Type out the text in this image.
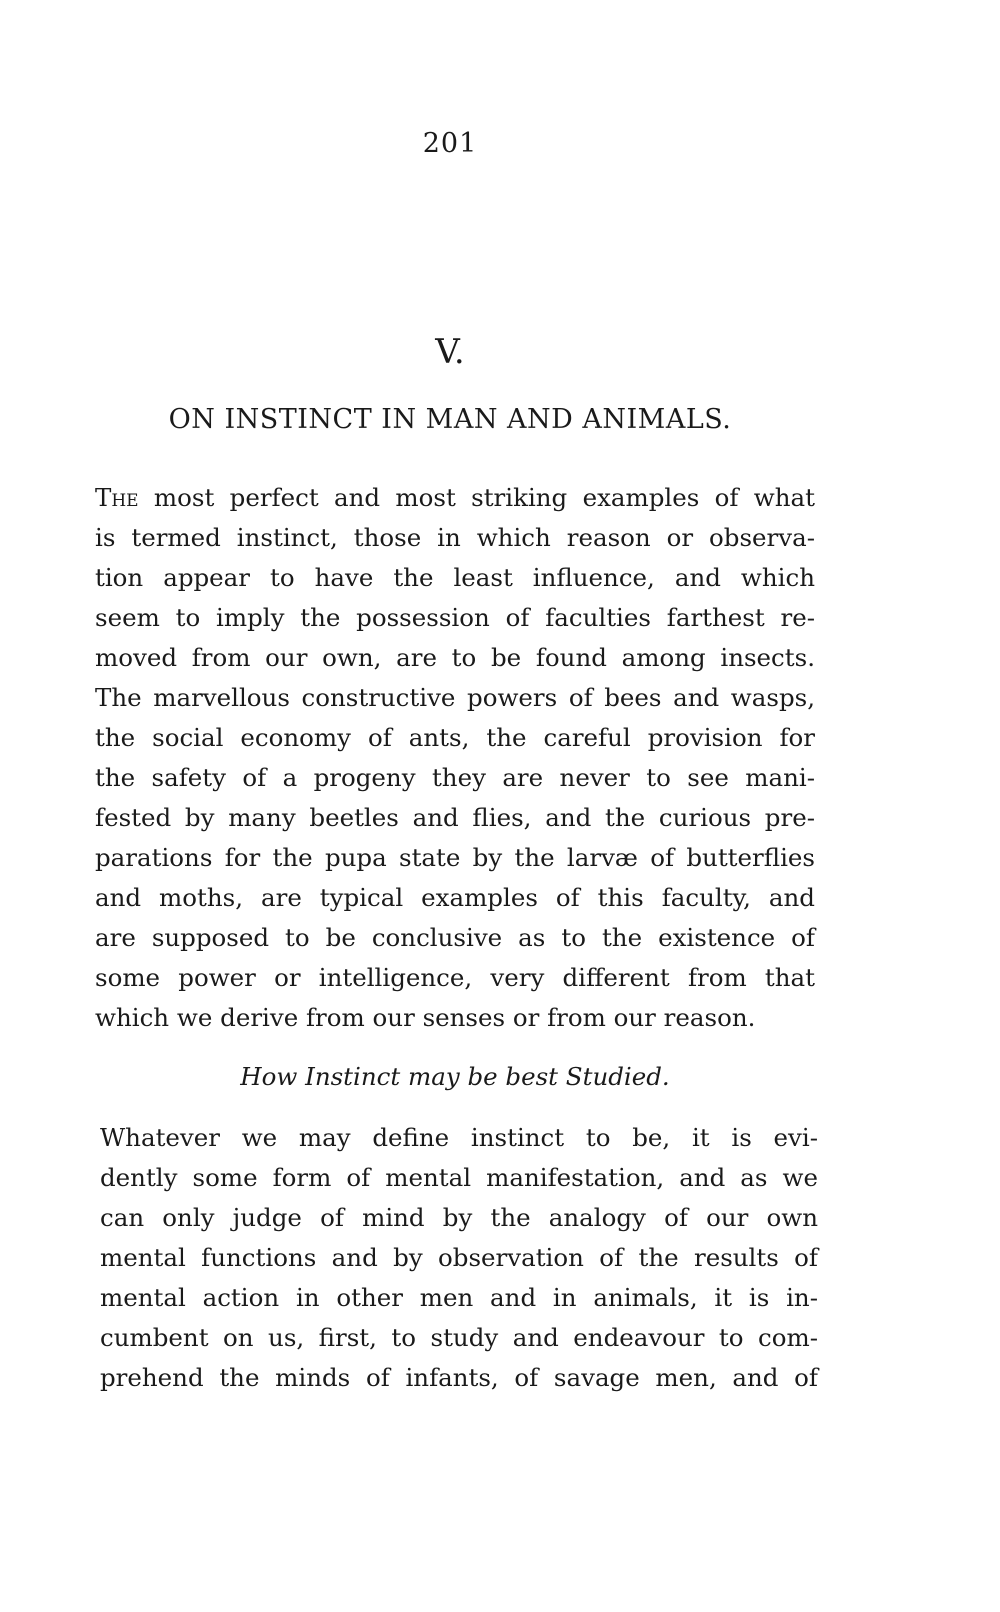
201
V.
ON INSTINCT IN MAN AND ANIMALS.
The most perfect and most striking examples of what
is termed instinct, those in which reason or observa-
tion appear to have the least influence, and which
seem to imply the possession of faculties farthest re-
moved from our own, are to be found among insects.
The marvellous constructive powers of bees and wasps,
the social economy of ants, the careful provision for
the safety of a progeny they are never to see mani-
fested by many beetles and flies, and the curious pre-
parations for the pupa state by the larvæ of butterflies
and moths, are typical examples of this faculty, and
are supposed to be conclusive as to the existence of
some power or intelligence, very different from that
which we derive from our senses or from our reason.
How Instinct may be best Studied.
Whatever we may define instinct to be, it is evi-
dently some form of mental manifestation, and as we
can only judge of mind by the analogy of our own
mental functions and by observation of the results of
mental action in other men and in animals, it is in-
cumbent on us, first, to study and endeavour to com-
prehend the minds of infants, of savage men, and of
